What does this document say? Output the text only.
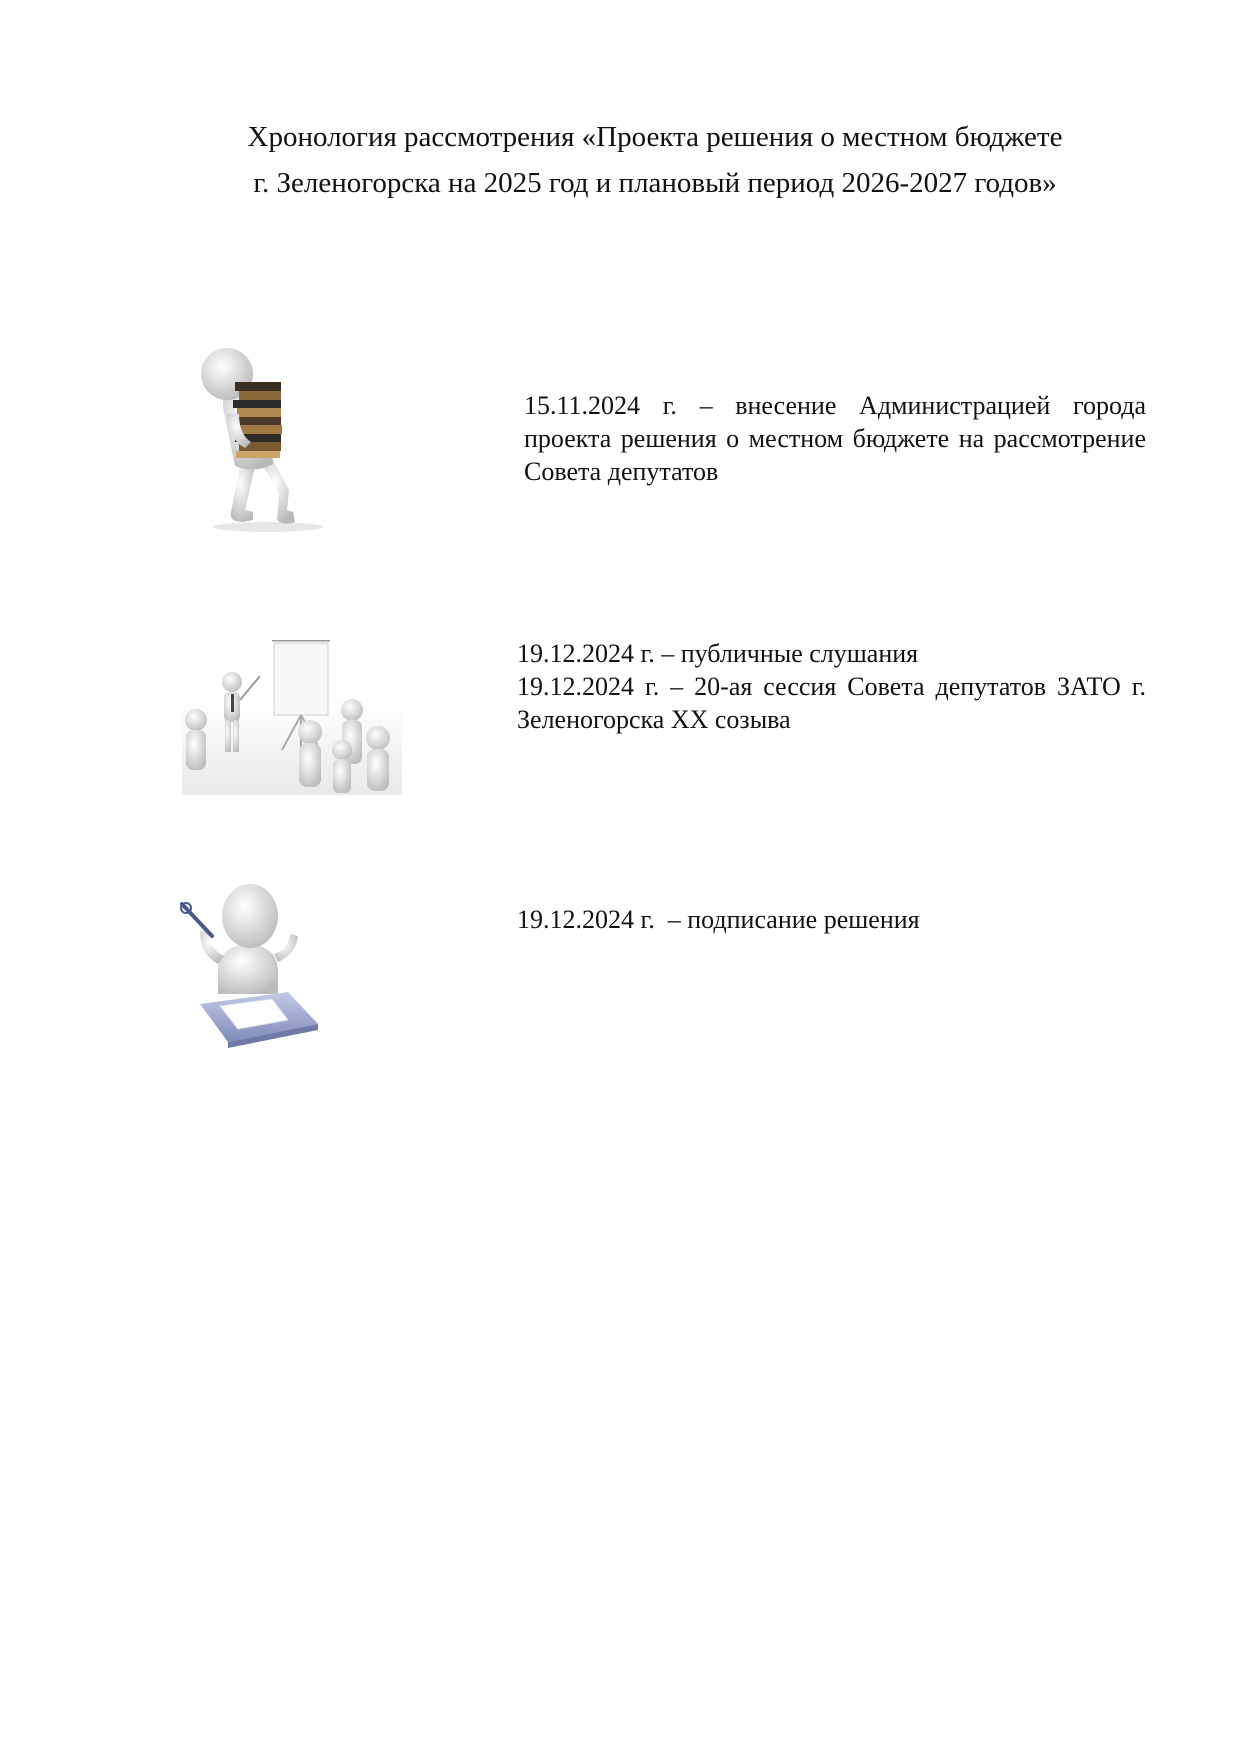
Хронология рассмотрения «Проекта решения о местном бюджете
г. Зеленогорска на 2025 год и плановый период 2026-2027 годов»
15.11.2024 г. – внесение Администрацией города проекта решения о местном бюджете на рассмотрение Совета депутатов
19.12.2024 г. – публичные слушания
19.12.2024 г. – 20-ая сессия Совета депутатов ЗАТО г. Зеленогорска XX созыва
19.12.2024 г.  – подписание решения
